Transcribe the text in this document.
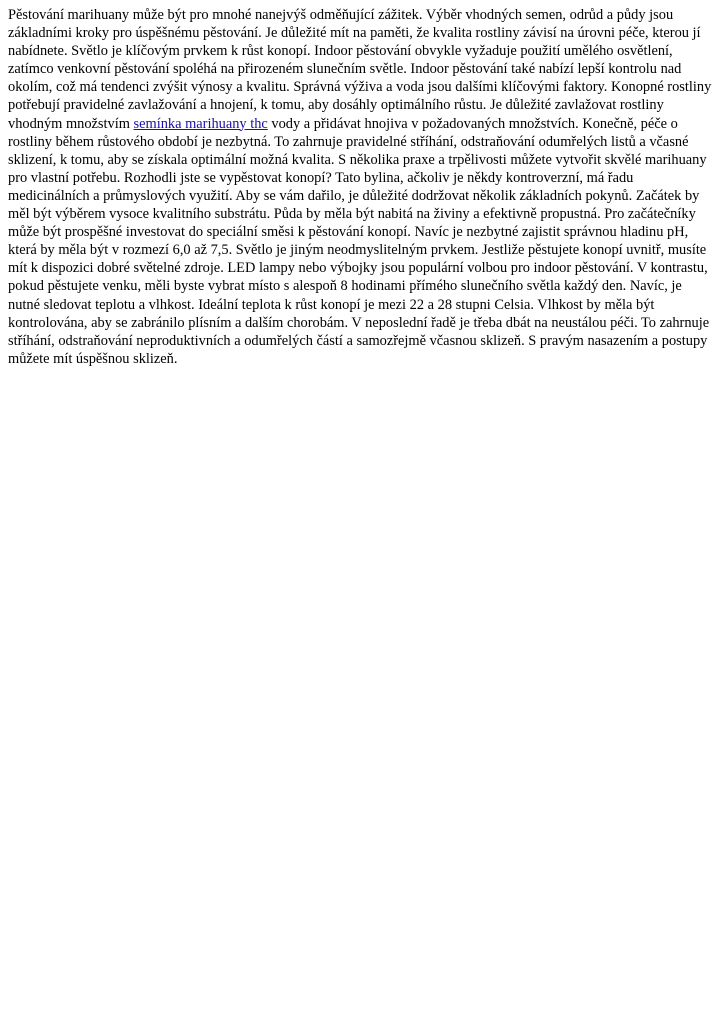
Pěstování marihuany může být pro mnohé nanejvýš odměňující zážitek. Výběr vhodných semen, odrůd a půdy jsou základními kroky pro úspěšnému pěstování. Je důležité mít na paměti, že kvalita rostliny závisí na úrovni péče, kterou jí nabídnete. Světlo je klíčovým prvkem k růst konopí. Indoor pěstování obvykle vyžaduje použití umělého osvětlení, zatímco venkovní pěstování spoléhá na přirozeném slunečním světle. Indoor pěstování také nabízí lepší kontrolu nad okolím, což má tendenci zvýšit výnosy a kvalitu. Správná výživa a voda jsou dalšími klíčovými faktory. Konopné rostliny potřebují pravidelné zavlažování a hnojení, k tomu, aby dosáhly optimálního růstu. Je důležité zavlažovat rostliny vhodným množstvím semínka marihuany thc vody a přidávat hnojiva v požadovaných množstvích. Konečně, péče o rostliny během růstového období je nezbytná. To zahrnuje pravidelné stříhání, odstraňování odumřelých listů a včasné sklizení, k tomu, aby se získala optimální možná kvalita. S několika praxe a trpělivosti můžete vytvořit skvělé marihuany pro vlastní potřebu. Rozhodli jste se vypěstovat konopí? Tato bylina, ačkoliv je někdy kontroverzní, má řadu medicinálních a průmyslových využití. Aby se vám dařilo, je důležité dodržovat několik základních pokynů. Začátek by měl být výběrem vysoce kvalitního substrátu. Půda by měla být nabitá na živiny a efektivně propustná. Pro začátečníky může být prospěšné investovat do speciální směsi k pěstování konopí. Navíc je nezbytné zajistit správnou hladinu pH, která by měla být v rozmezí 6,0 až 7,5. Světlo je jiným neodmyslitelným prvkem. Jestliže pěstujete konopí uvnitř, musíte mít k dispozici dobré světelné zdroje. LED lampy nebo výbojky jsou populární volbou pro indoor pěstování. V kontrastu, pokud pěstujete venku, měli byste vybrat místo s alespoň 8 hodinami přímého slunečního světla každý den. Navíc, je nutné sledovat teplotu a vlhkost. Ideální teplota k růst konopí je mezi 22 a 28 stupni Celsia. Vlhkost by měla být kontrolována, aby se zabránilo plísním a dalším chorobám. V neposlední řadě je třeba dbát na neustálou péči. To zahrnuje stříhání, odstraňování neproduktivních a odumřelých částí a samozřejmě včasnou sklizeň. S pravým nasazením a postupy můžete mít úspěšnou sklizeň.
